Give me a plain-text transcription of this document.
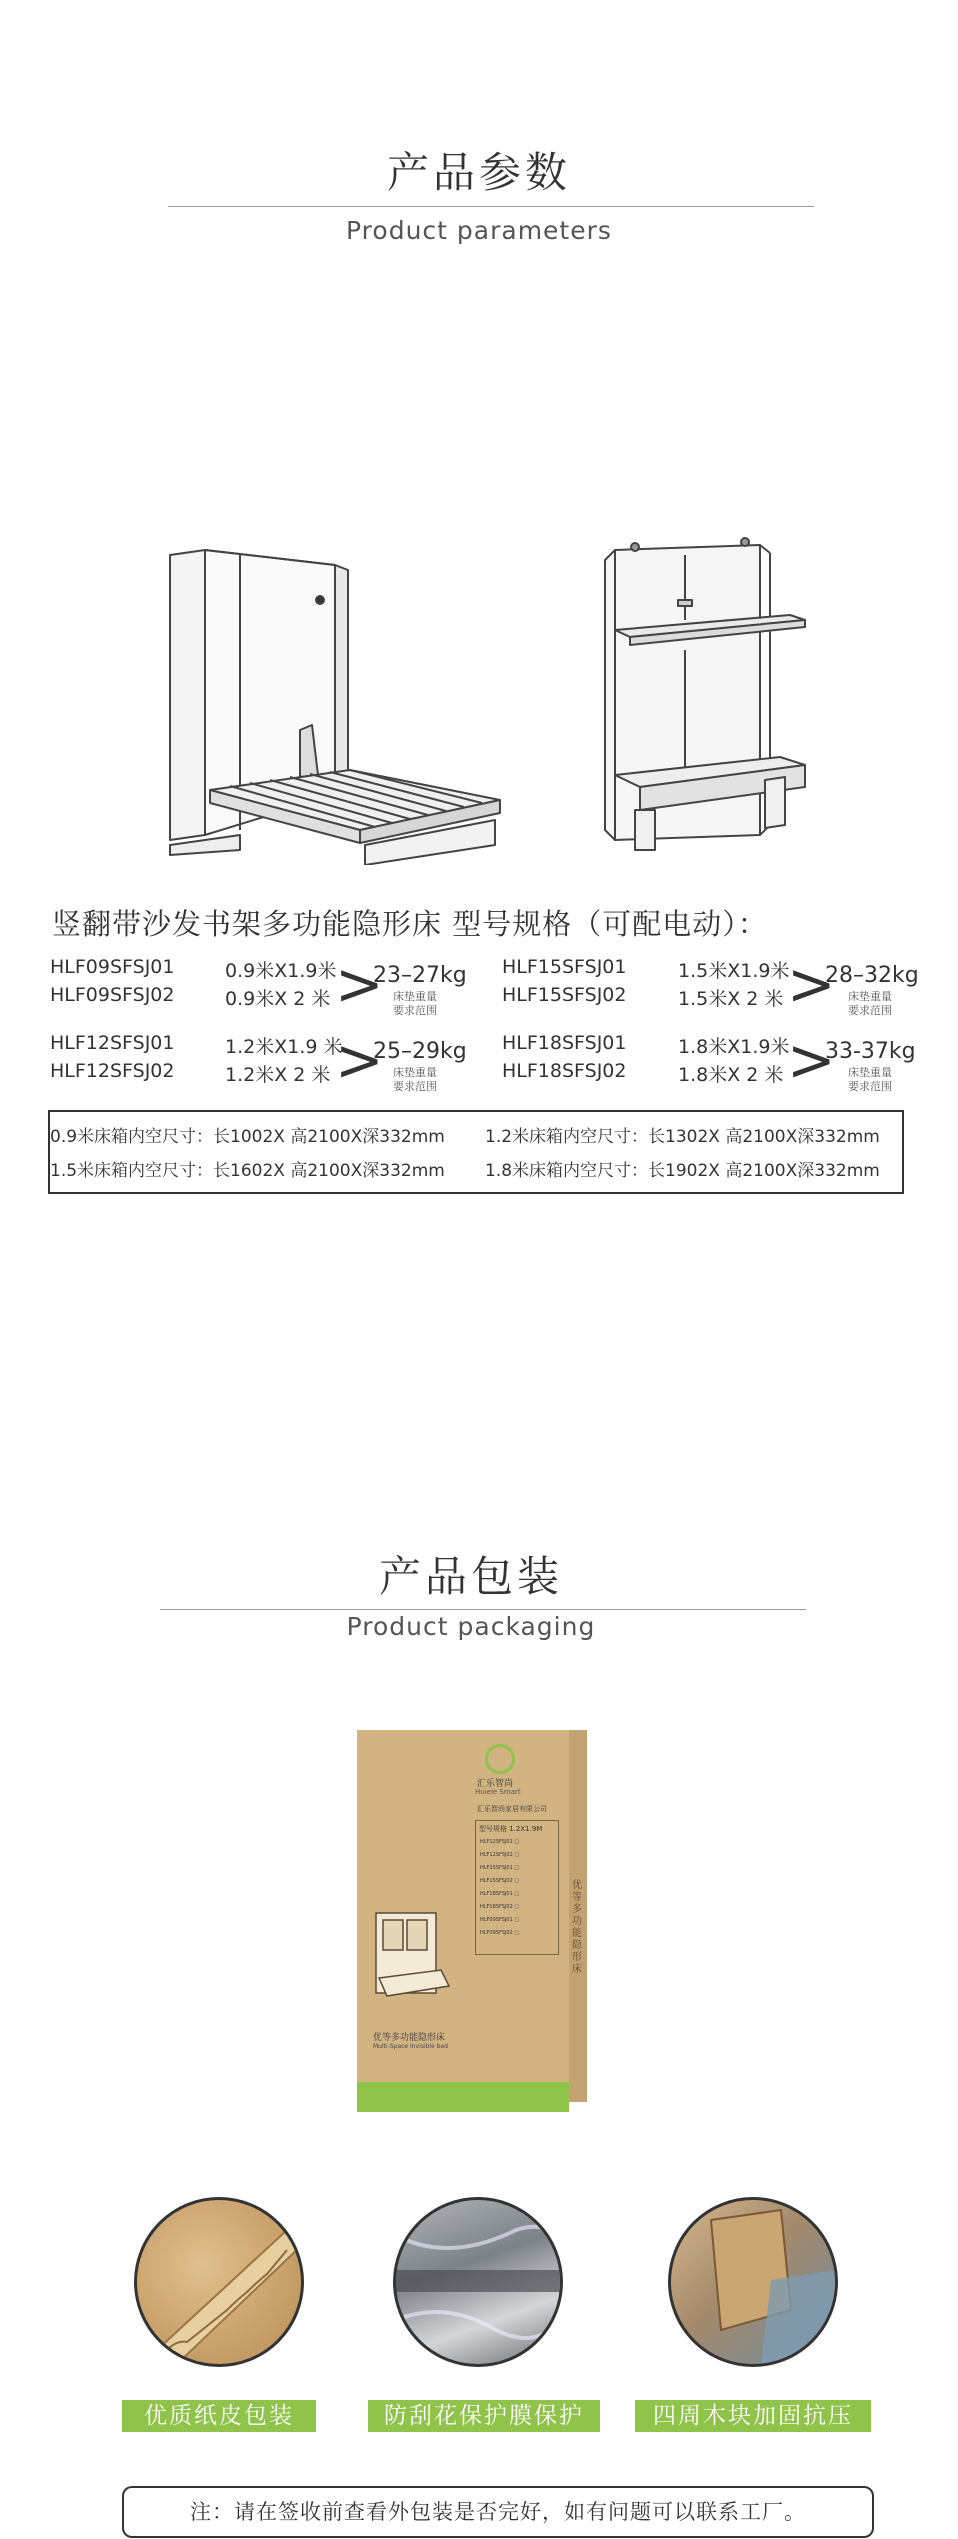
产品参数
Product parameters
竖翻带沙发书架多功能隐形床 型号规格（可配电动）：
HLF09SFSJ01
HLF09SFSJ02
0.9米X1.9米
0.9米X 2 米 >
23–27kg
床垫重量
要求范围
HLF15SFSJ01
HLF15SFSJ02
1.5米X1.9米
1.5米X 2 米 >
28–32kg
床垫重量
要求范围
HLF12SFSJ01
HLF12SFSJ02
1.2米X1.9 米
1.2米X 2 米 >
25–29kg
床垫重量
要求范围
HLF18SFSJ01
HLF18SFSJ02
1.8米X1.9米
1.8米X 2 米 >
33-37kg
床垫重量
要求范围
0.9米床箱内空尺寸：长1002X 高2100X深332mm 1.2米床箱内空尺寸：长1302X 高2100X深332mm
1.5米床箱内空尺寸：长1602X 高2100X深332mm 1.8米床箱内空尺寸：长1902X 高2100X深332mm
产品包装
Product packaging
汇乐智尚
Huiele Smart
汇乐智尚家居有限公司
型号规格 1.2X1.9M
HLF12SFSJ01 □
HLF12SFSJ02 □
HLF15SFSJ01 □
HLF15SFSJ02 □
HLF18SFSJ01 □
HLF18SFSJ02 □
HLF09SFSJ01 □
HLF09SFSJ02 □
优等多功能隐形床
Multi-Space Invisible bed
优等多功能隐形床
优质纸皮包装	防刮花保护膜保护	四周木块加固抗压
注：请在签收前查看外包装是否完好，如有问题可以联系工厂。
